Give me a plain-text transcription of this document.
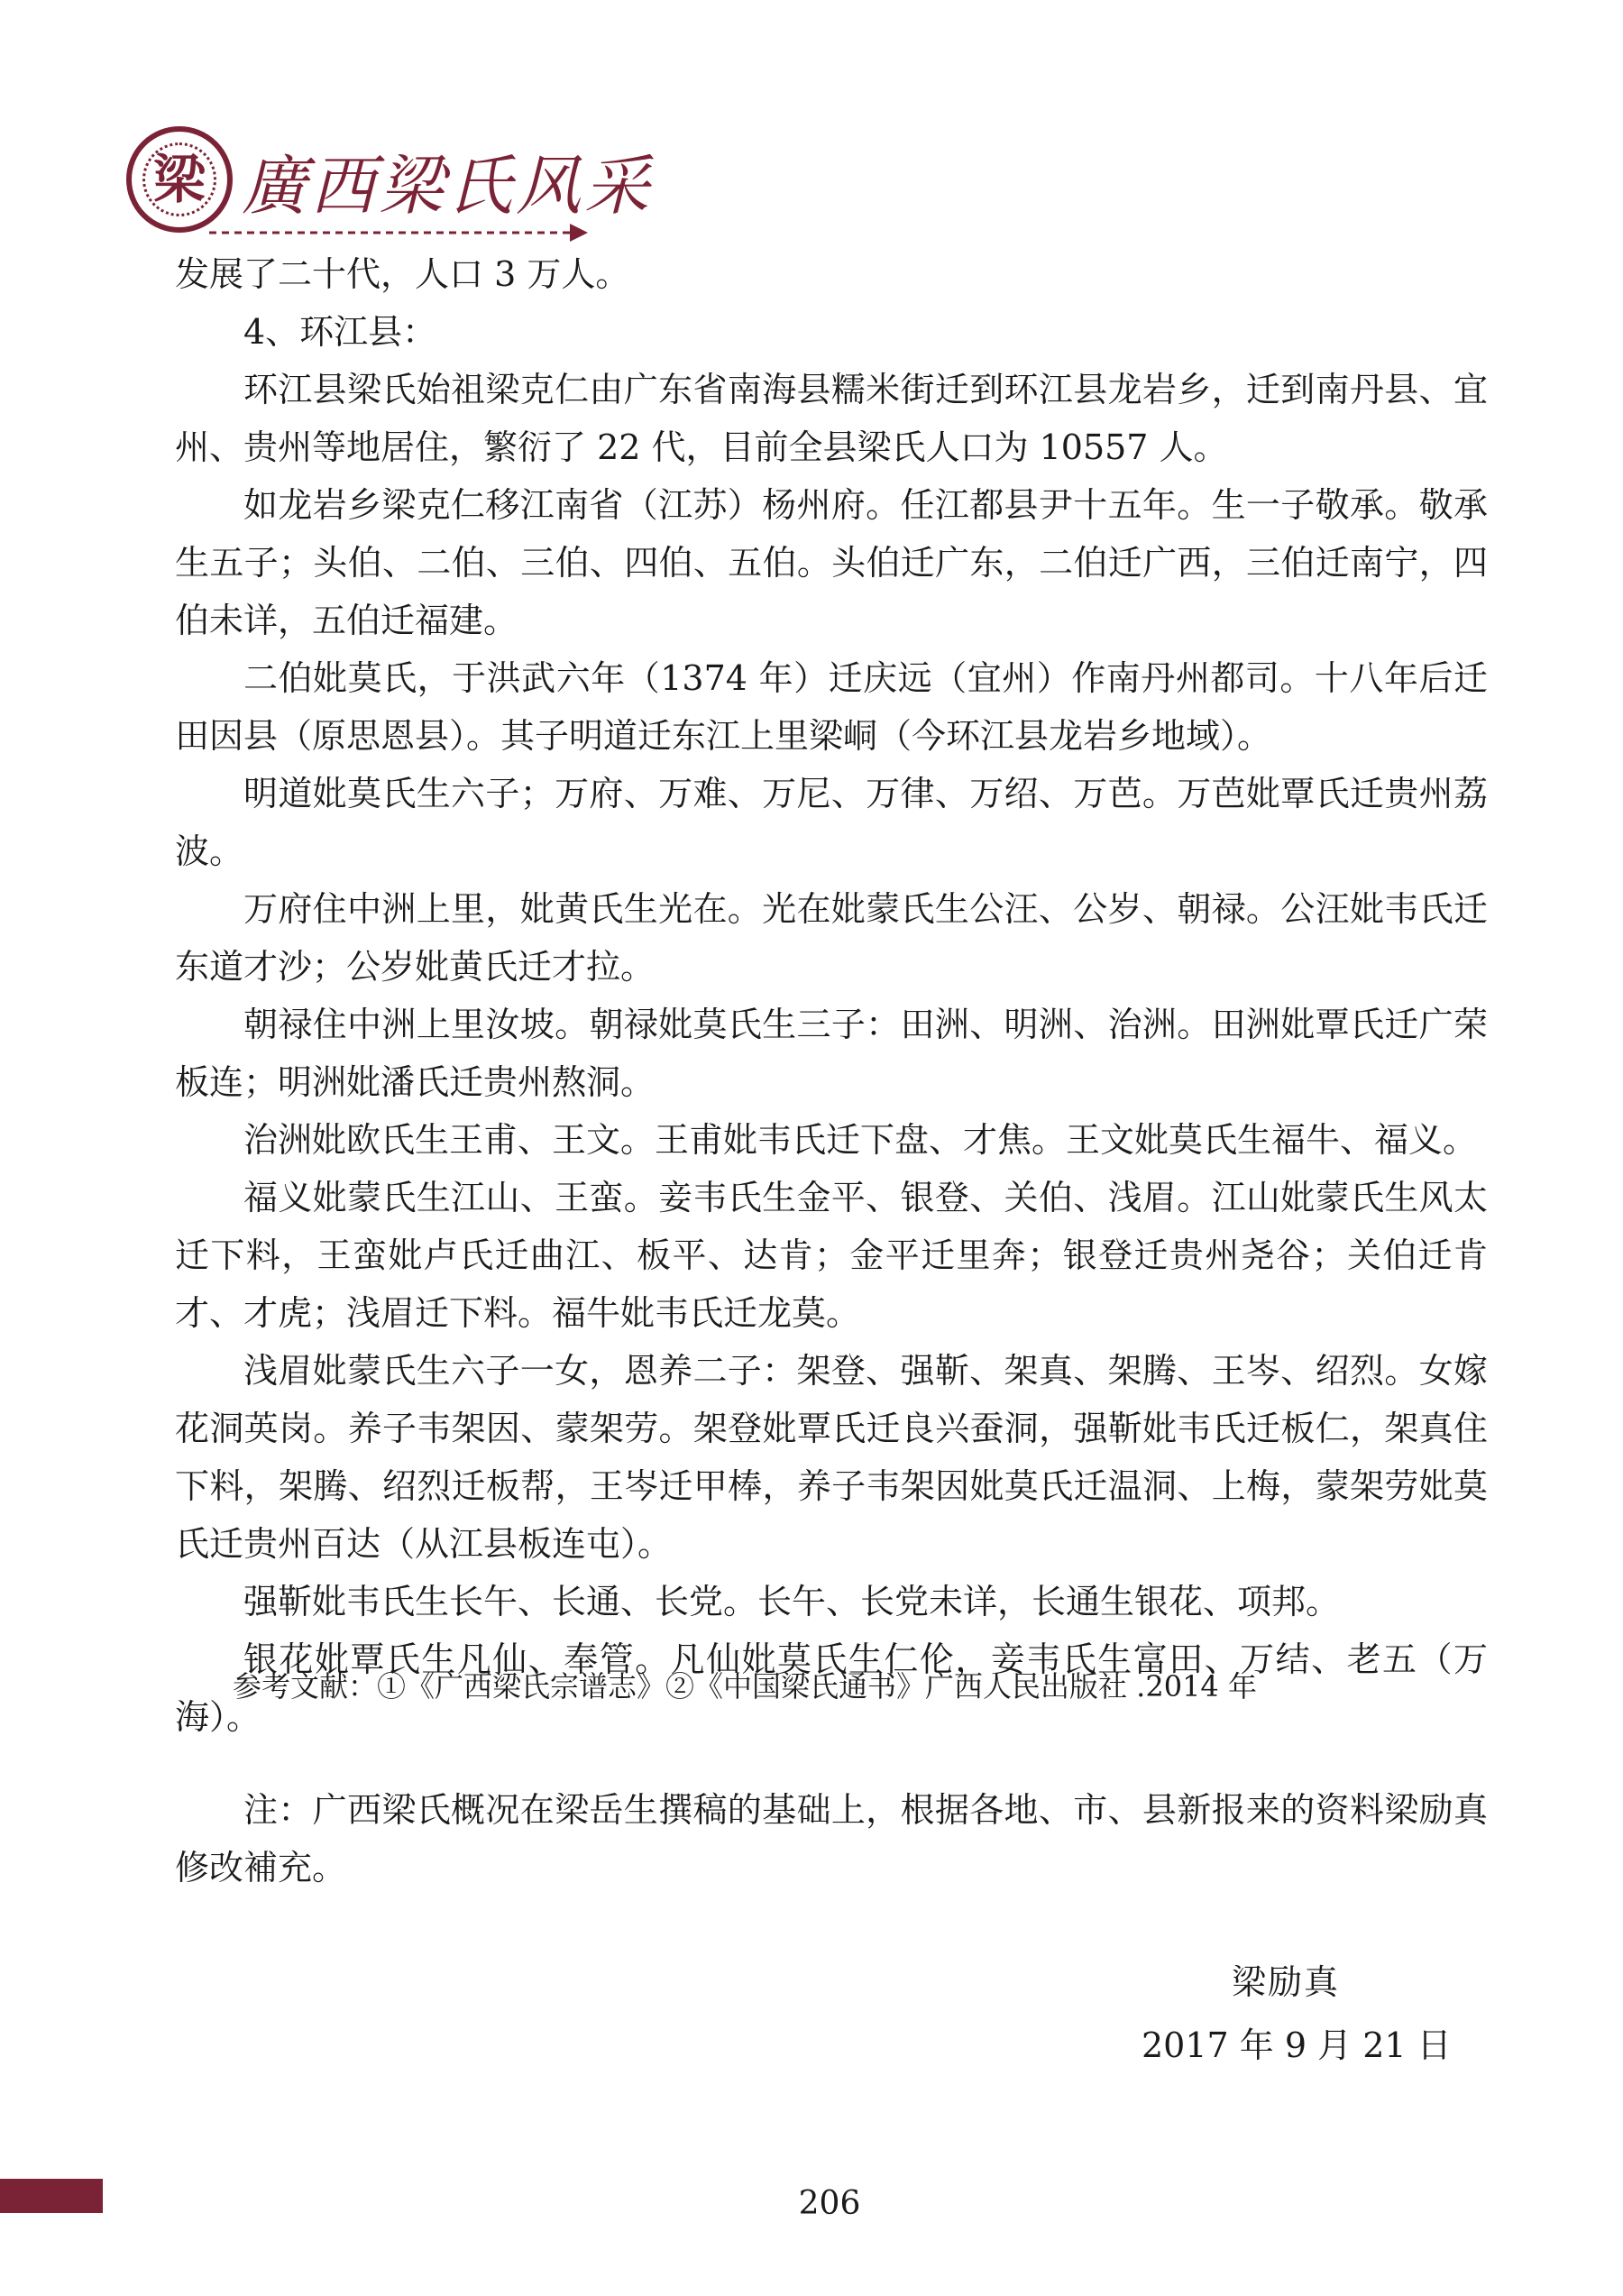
梁 廣西梁氏风采

发展了二十代，人口 3 万人。

4、环江县：

环江县梁氏始祖梁克仁由广东省南海县糯米街迁到环江县龙岩乡，迁到南丹县、宜州、贵州等地居住，繁衍了 22 代，目前全县梁氏人口为 10557 人。

如龙岩乡梁克仁移江南省（江苏）杨州府。任江都县尹十五年。生一子敬承。敬承生五子；头伯、二伯、三伯、四伯、五伯。头伯迁广东，二伯迁广西，三伯迁南宁，四伯未详，五伯迁福建。

二伯妣莫氏，于洪武六年（1374 年）迁庆远（宜州）作南丹州都司。十八年后迁田因县（原思恩县）。其子明道迁东江上里梁峒（今环江县龙岩乡地域）。

明道妣莫氏生六子；万府、万难、万尼、万律、万绍、万芭。万芭妣覃氏迁贵州荔波。

万府住中洲上里，妣黄氏生光在。光在妣蒙氏生公汪、公岁、朝禄。公汪妣韦氏迁东道才沙；公岁妣黄氏迁才拉。

朝禄住中洲上里汝坡。朝禄妣莫氏生三子：田洲、明洲、治洲。田洲妣覃氏迁广荣板连；明洲妣潘氏迁贵州熬洞。

治洲妣欧氏生王甫、王文。王甫妣韦氏迁下盘、才焦。王文妣莫氏生福牛、福义。

福义妣蒙氏生江山、王蛮。妾韦氏生金平、银登、关伯、浅眉。江山妣蒙氏生风太迁下料，王蛮妣卢氏迁曲江、板平、达肯；金平迁里奔；银登迁贵州尧谷；关伯迁肯才、才虎；浅眉迁下料。福牛妣韦氏迁龙莫。

浅眉妣蒙氏生六子一女，恩养二子：架登、强靳、架真、架腾、王岑、绍烈。女嫁花洞英岗。养子韦架因、蒙架劳。架登妣覃氏迁良兴蚕洞，强靳妣韦氏迁板仁，架真住下料，架腾、绍烈迁板帮，王岑迁甲棒，养子韦架因妣莫氏迁温洞、上梅，蒙架劳妣莫氏迁贵州百达（从江县板连屯）。

强靳妣韦氏生长午、长通、长党。长午、长党未详，长通生银花、项邦。

银花妣覃氏生凡仙、奉管。凡仙妣莫氏生仁伦，妾韦氏生富田、万结、老五（万海）。

参考文献：①《广西梁氏宗谱志》②《中国梁氏通书》广西人民出版社 .2014 年

注：广西梁氏概况在梁岳生撰稿的基础上，根据各地、市、县新报来的资料梁励真修改補充。

梁励真
2017 年 9 月 21 日
206
